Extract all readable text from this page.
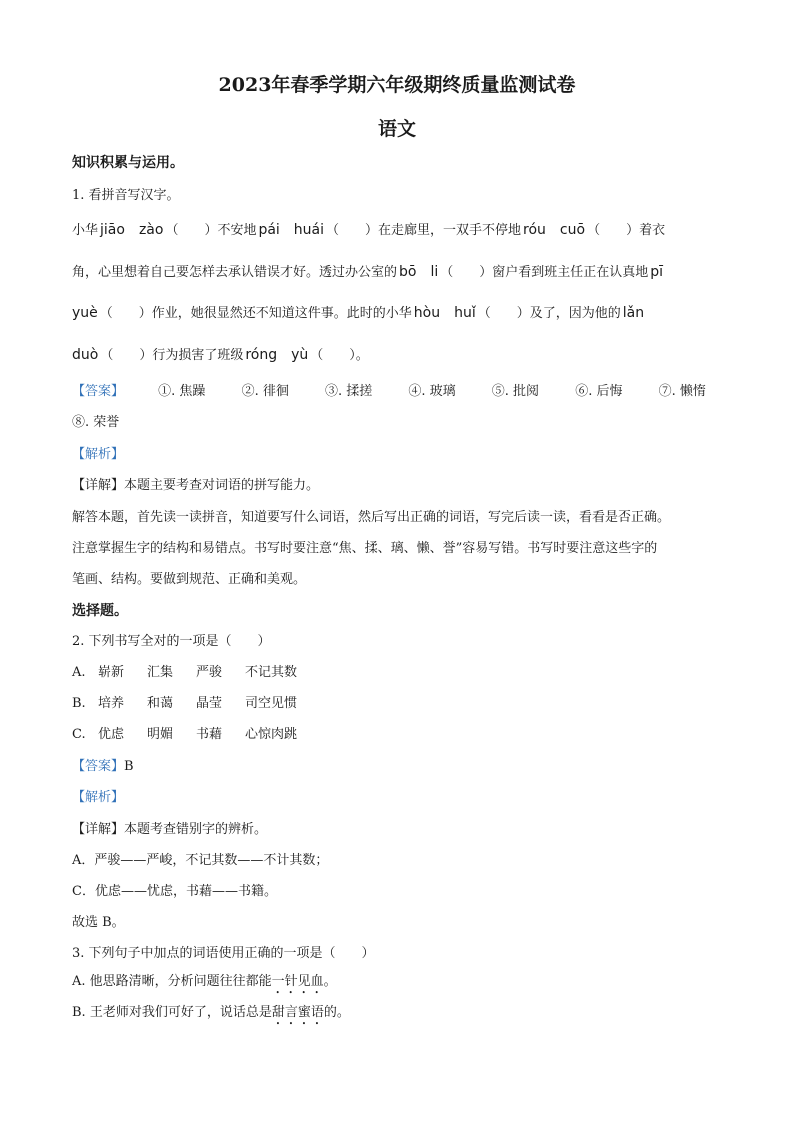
2023年春季学期六年级期终质量监测试卷
语文
知识积累与运用。
1. 看拼音写汉字。
小华 jiāo　zào （　　）不安地 pái　huái （　　）在走廊里，一双手不停地 róu　cuō （　　）着衣
角，心里想着自己要怎样去承认错误才好。透过办公室的 bō　li （　　）窗户看到班主任正在认真地 pī
yuè （　　）作业，她很显然还不知道这件事。此时的小华 hòu　huǐ （　　）及了，因为他的 lǎn
duò （　　）行为损害了班级 róng　yù （　　）。
【答案】	①. 焦躁	②. 徘徊	③. 揉搓	④. 玻璃	⑤. 批阅	⑥. 后悔	⑦. 懒惰
⑧. 荣誉
【解析】
【详解】本题主要考查对词语的拼写能力。
解答本题，首先读一读拼音，知道要写什么词语，然后写出正确的词语，写完后读一读，看看是否正确。
注意掌握生字的结构和易错点。书写时要注意“焦、揉、璃、懒、誉”容易写错。书写时要注意这些字的
笔画、结构。要做到规范、正确和美观。
选择题。
2. 下列书写全对的一项是（　　）
A. 崭新 汇集 严骏 不记其数
B. 培养 和蔼 晶莹 司空见惯
C. 优虑 明媚 书藉 心惊肉跳
【答案】B
【解析】
【详解】本题考查错别字的辨析。
A．严骏——严峻，不记其数——不计其数；
C．优虑——忧虑，书藉——书籍。
故选 B。
3. 下列句子中加点的词语使用正确的一项是（　　）
A. 他思路清晰，分析问题往往都能一针见血。
B. 王老师对我们可好了，说话总是甜言蜜语的。
